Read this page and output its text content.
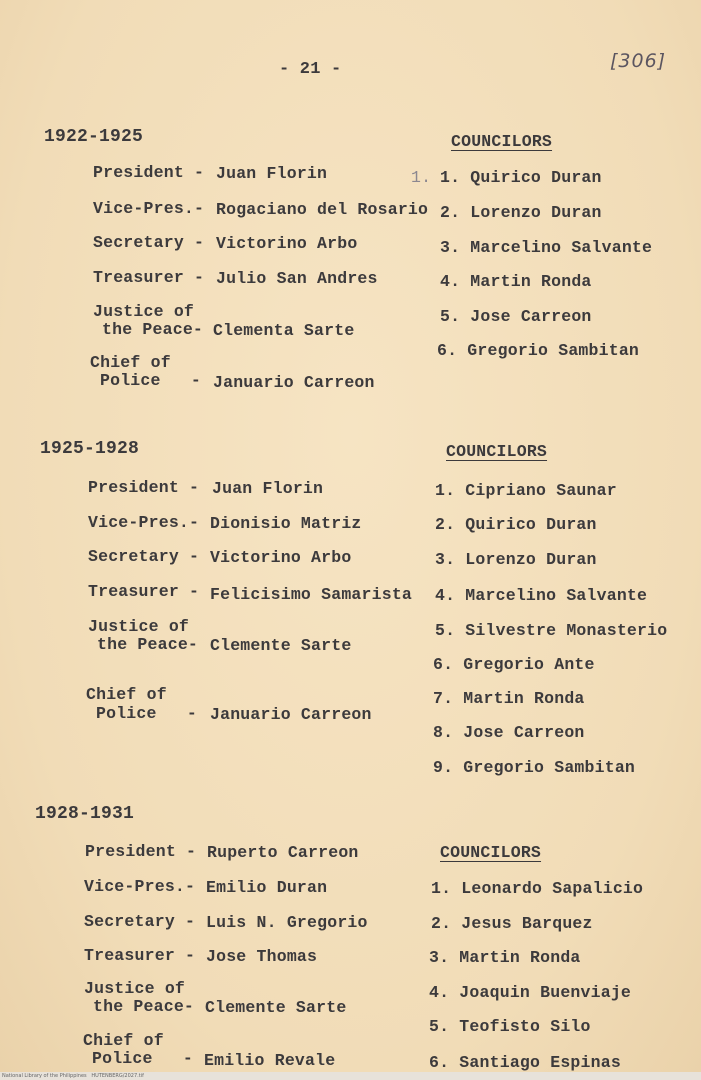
- 21 -	[306]
1922-1925
President - Juan Florin
Vice-Pres.- Rogaciano del Rosario
Secretary - Victorino Arbo
Treasurer - Julio San Andres
Justice of
the Peace- Clementa Sarte
Chief of
Police   - Januario Carreon
COUNCILORS
1. 1. Quirico Duran
2. Lorenzo Duran
3. Marcelino Salvante
4. Martin Ronda
5. Jose Carreon
6. Gregorio Sambitan
1925-1928
President - Juan Florin
Vice-Pres.- Dionisio Matriz
Secretary - Victorino Arbo
Treasurer - Felicisimo Samarista
Justice of
the Peace- Clemente Sarte
Chief of
Police   - Januario Carreon
COUNCILORS
1. Cipriano Saunar
2. Quirico Duran
3. Lorenzo Duran
4. Marcelino Salvante
5. Silvestre Monasterio
6. Gregorio Ante
7. Martin Ronda
8. Jose Carreon
9. Gregorio Sambitan
1928-1931
President - Ruperto Carreon
Vice-Pres.- Emilio Duran
Secretary - Luis N. Gregorio
Treasurer - Jose Thomas
Justice of
the Peace- Clemente Sarte
Chief of
Police   - Emilio Revale
COUNCILORS
1. Leonardo Sapalicio
2. Jesus Barquez
3. Martin Ronda
4. Joaquin Buenviaje
5. Teofisto Silo
6. Santiago Espinas
National Library of the Philippines   HUTENBERG/2027.tif
